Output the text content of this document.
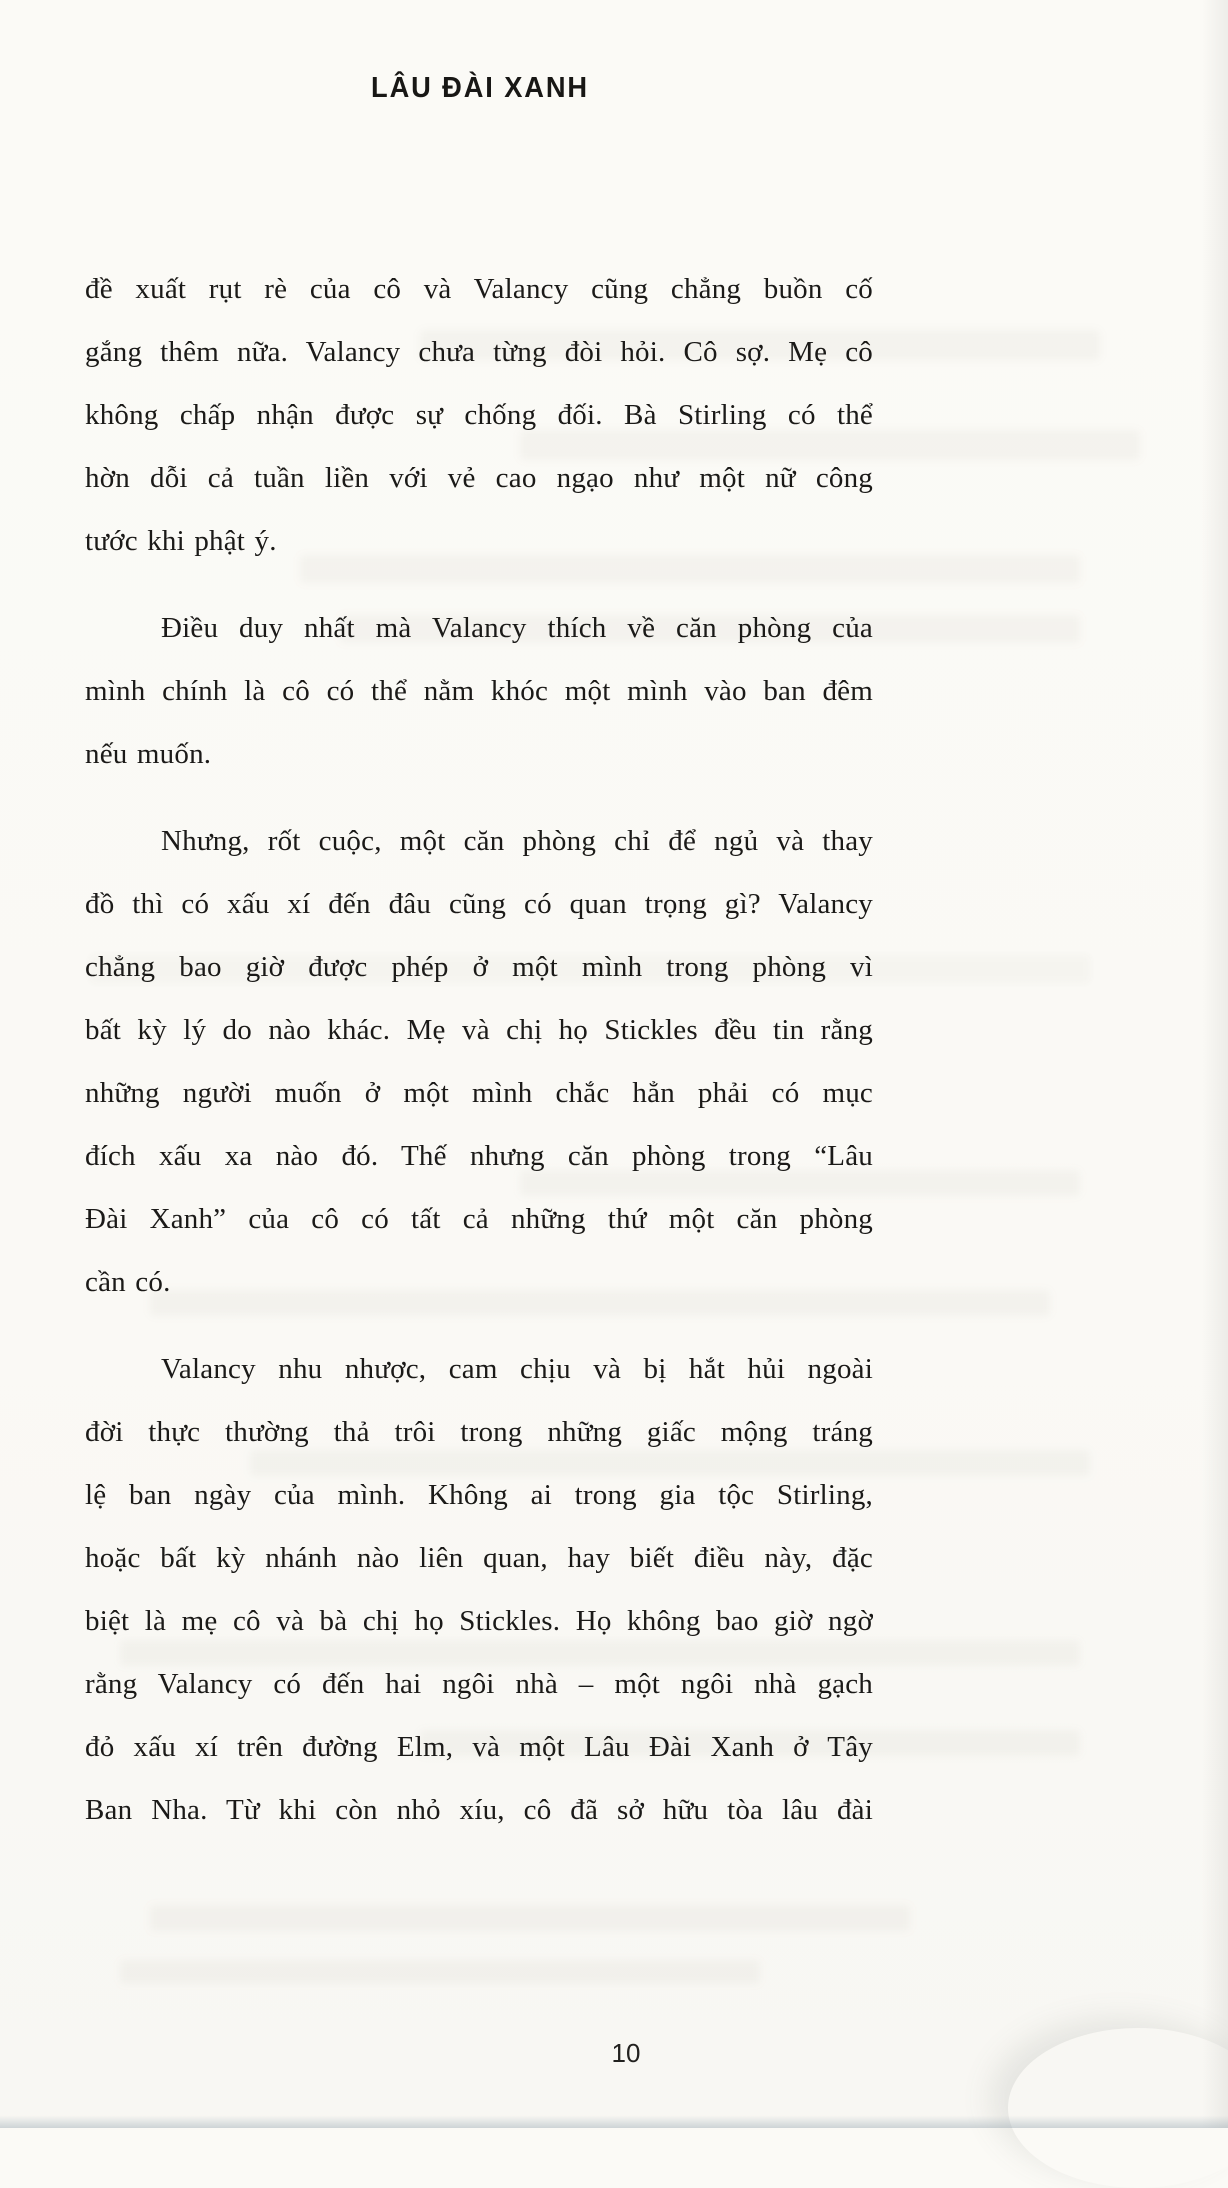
LÂU ĐÀI XANH
đề xuất rụt rè của cô và Valancy cũng chẳng buồn cố
gắng thêm nữa. Valancy chưa từng đòi hỏi. Cô sợ. Mẹ cô
không chấp nhận được sự chống đối. Bà Stirling có thể
hờn dỗi cả tuần liền với vẻ cao ngạo như một nữ công
tước khi phật ý.
Điều duy nhất mà Valancy thích về căn phòng của
mình chính là cô có thể nằm khóc một mình vào ban đêm
nếu muốn.
Nhưng, rốt cuộc, một căn phòng chỉ để ngủ và thay
đồ thì có xấu xí đến đâu cũng có quan trọng gì? Valancy
chẳng bao giờ được phép ở một mình trong phòng vì
bất kỳ lý do nào khác. Mẹ và chị họ Stickles đều tin rằng
những người muốn ở một mình chắc hẳn phải có mục
đích xấu xa nào đó. Thế nhưng căn phòng trong “Lâu
Đài Xanh” của cô có tất cả những thứ một căn phòng
cần có.
Valancy nhu nhược, cam chịu và bị hắt hủi ngoài
đời thực thường thả trôi trong những giấc mộng tráng
lệ ban ngày của mình. Không ai trong gia tộc Stirling,
hoặc bất kỳ nhánh nào liên quan, hay biết điều này, đặc
biệt là mẹ cô và bà chị họ Stickles. Họ không bao giờ ngờ
rằng Valancy có đến hai ngôi nhà – một ngôi nhà gạch
đỏ xấu xí trên đường Elm, và một Lâu Đài Xanh ở Tây
Ban Nha. Từ khi còn nhỏ xíu, cô đã sở hữu tòa lâu đài
10
